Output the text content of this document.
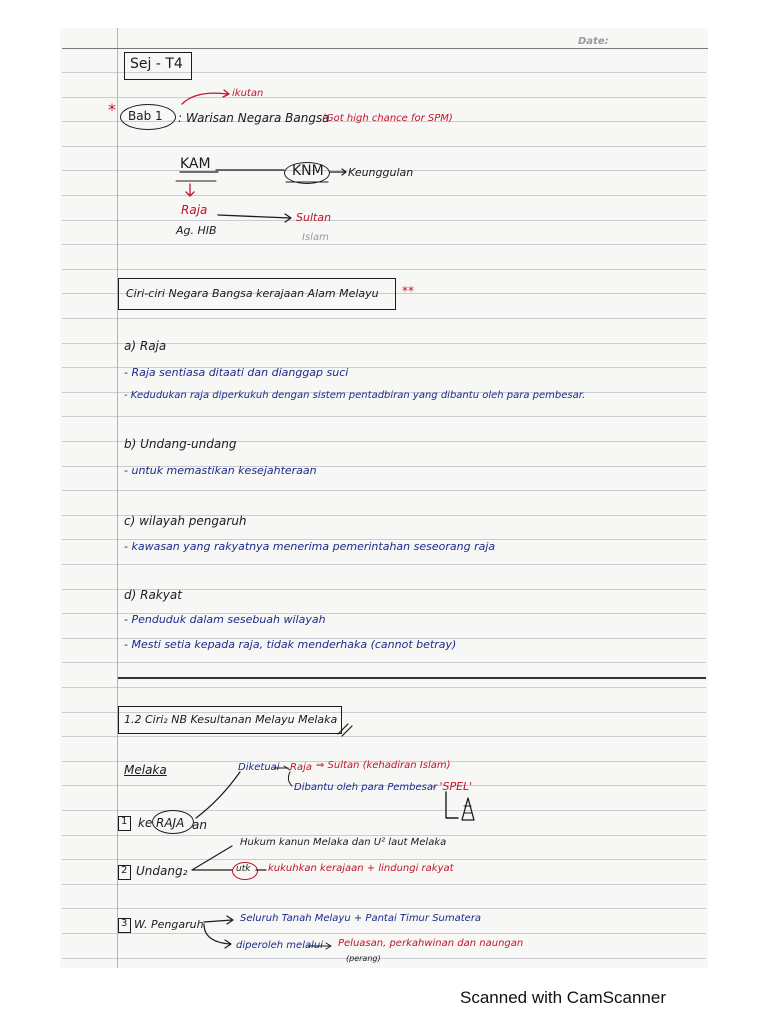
Date:
Sej - T4
* Bab 1 : Warisan Negara Bangsa
(Got high chance for SPM)
ikutan
KAM	KNM Keunggulan
Raja
Ag. HIB
Sultan
Islam
Ciri-ciri Negara Bangsa kerajaan Alam Melayu **
a) Raja
- Raja sentiasa ditaati dan dianggap suci
- Kedudukan raja diperkukuh dengan sistem pentadbiran yang dibantu oleh para pembesar.
b) Undang-undang
- untuk memastikan kesejahteraan
c) wilayah pengaruh
- kawasan yang rakyatnya menerima pemerintahan seseorang raja
d) Rakyat
- Penduduk dalam sesebuah wilayah
- Mesti setia kepada raja, tidak menderhaka (cannot betray)
1.2 Ciri₂ NB Kesultanan Melayu Melaka
Melaka	Diketuai Raja ⇒ Sultan (kehadiran Islam)
Dibantu oleh para Pembesar
- 'SPEL'
1 ke RAJA an
Hukum kanun Melaka dan U² laut Melaka
2 Undang₂	utk kukuhkan kerajaan + lindungi rakyat
3 W. Pengaruh	Seluruh Tanah Melayu + Pantai Timur Sumatera
diperoleh melalui Peluasan, perkahwinan dan naungan
(perang)
Scanned with CamScanner
